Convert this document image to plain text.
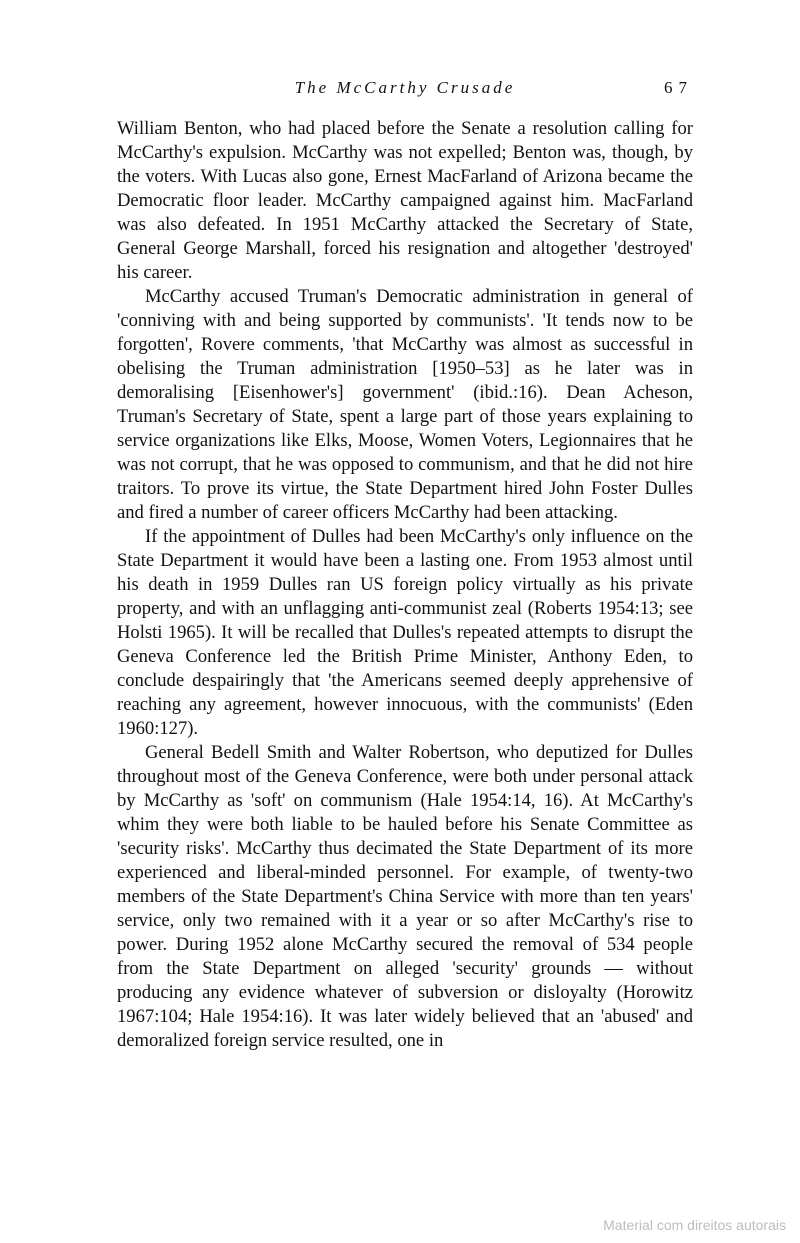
The McCarthy Crusade	67

William Benton, who had placed before the Senate a resolution calling for McCarthy's expulsion. McCarthy was not expelled; Benton was, though, by the voters. With Lucas also gone, Ernest MacFarland of Arizona became the Democratic floor leader. McCarthy campaigned against him. MacFarland was also defeated. In 1951 McCarthy attacked the Secretary of State, General George Marshall, forced his resignation and altogether 'destroyed' his career.

McCarthy accused Truman's Democratic administration in general of 'conniving with and being supported by communists'. 'It tends now to be forgotten', Rovere comments, 'that McCarthy was almost as successful in obelising the Truman administration [1950–53] as he later was in demoralising [Eisenhower's] government' (ibid.:16). Dean Acheson, Truman's Secretary of State, spent a large part of those years explaining to service organizations like Elks, Moose, Women Voters, Legionnaires that he was not corrupt, that he was opposed to communism, and that he did not hire traitors. To prove its virtue, the State Department hired John Foster Dulles and fired a number of career officers McCarthy had been attacking.

If the appointment of Dulles had been McCarthy's only influence on the State Department it would have been a lasting one. From 1953 almost until his death in 1959 Dulles ran US foreign policy virtually as his private property, and with an unflagging anti-communist zeal (Roberts 1954:13; see Holsti 1965). It will be recalled that Dulles's repeated attempts to disrupt the Geneva Conference led the British Prime Minister, Anthony Eden, to conclude despairingly that 'the Americans seemed deeply apprehensive of reaching any agreement, however innocuous, with the communists' (Eden 1960:127).

General Bedell Smith and Walter Robertson, who deputized for Dulles throughout most of the Geneva Conference, were both under personal attack by McCarthy as 'soft' on communism (Hale 1954:14, 16). At McCarthy's whim they were both liable to be hauled before his Senate Committee as 'security risks'. McCarthy thus decimated the State Department of its more experienced and liberal-minded personnel. For example, of twenty-two members of the State Department's China Service with more than ten years' service, only two remained with it a year or so after McCarthy's rise to power. During 1952 alone McCarthy secured the removal of 534 people from the State Department on alleged 'security' grounds — without producing any evidence whatever of subversion or disloyalty (Horowitz 1967:104; Hale 1954:16). It was later widely believed that an 'abused' and demoralized foreign service resulted, one in

Material com direitos autorais
